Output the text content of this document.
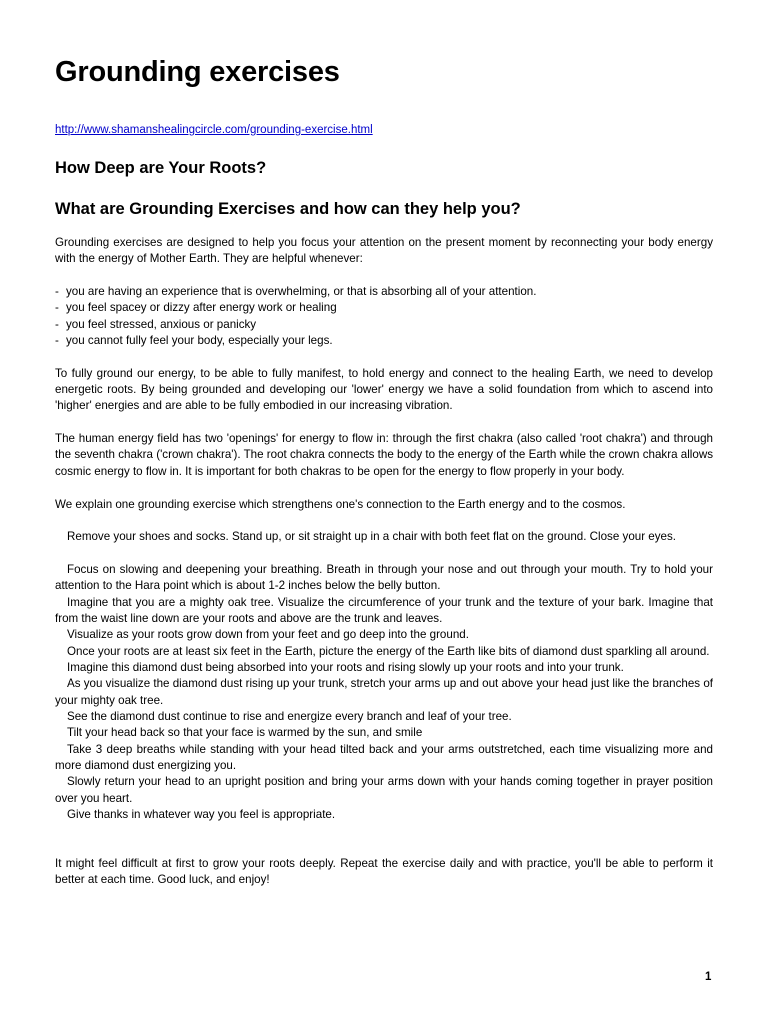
Grounding exercises
http://www.shamanshealingcircle.com/grounding-exercise.html
How Deep are Your Roots?
What are Grounding Exercises and how can they help you?

Grounding exercises are designed to help you focus your attention on the present moment by reconnecting your body energy with the energy of Mother Earth. They are helpful whenever:

- you are having an experience that is overwhelming, or that is absorbing all of your attention.
- you feel spacey or dizzy after energy work or healing
- you feel stressed, anxious or panicky
- you cannot fully feel your body, especially your legs.

To fully ground our energy, to be able to fully manifest, to hold energy and connect to the healing Earth, we need to develop energetic roots. By being grounded and developing our 'lower' energy we have a solid foundation from which to ascend into 'higher' energies and are able to be fully embodied in our increasing vibration.

The human energy field has two 'openings' for energy to flow in: through the first chakra (also called 'root chakra') and through the seventh chakra ('crown chakra'). The root chakra connects the body to the energy of the Earth while the crown chakra allows cosmic energy to flow in. It is important for both chakras to be open for the energy to flow properly in your body.

We explain one grounding exercise which strengthens one's connection to the Earth energy and to the cosmos.

Remove your shoes and socks. Stand up, or sit straight up in a chair with both feet flat on the ground. Close your eyes.
Focus on slowing and deepening your breathing. Breath in through your nose and out through your mouth. Try to hold your attention to the Hara point which is about 1-2 inches below the belly button.
Imagine that you are a mighty oak tree. Visualize the circumference of your trunk and the texture of your bark. Imagine that from the waist line down are your roots and above are the trunk and leaves.
Visualize as your roots grow down from your feet and go deep into the ground.
Once your roots are at least six feet in the Earth, picture the energy of the Earth like bits of diamond dust sparkling all around.
Imagine this diamond dust being absorbed into your roots and rising slowly up your roots and into your trunk.
As you visualize the diamond dust rising up your trunk, stretch your arms up and out above your head just like the branches of your mighty oak tree.
See the diamond dust continue to rise and energize every branch and leaf of your tree.
Tilt your head back so that your face is warmed by the sun, and smile
Take 3 deep breaths while standing with your head tilted back and your arms outstretched, each time visualizing more and more diamond dust energizing you.
Slowly return your head to an upright position and bring your arms down with your hands coming together in prayer position over you heart.
Give thanks in whatever way you feel is appropriate.

It might feel difficult at first to grow your roots deeply. Repeat the exercise daily and with practice, you'll be able to perform it better at each time. Good luck, and enjoy!

1
